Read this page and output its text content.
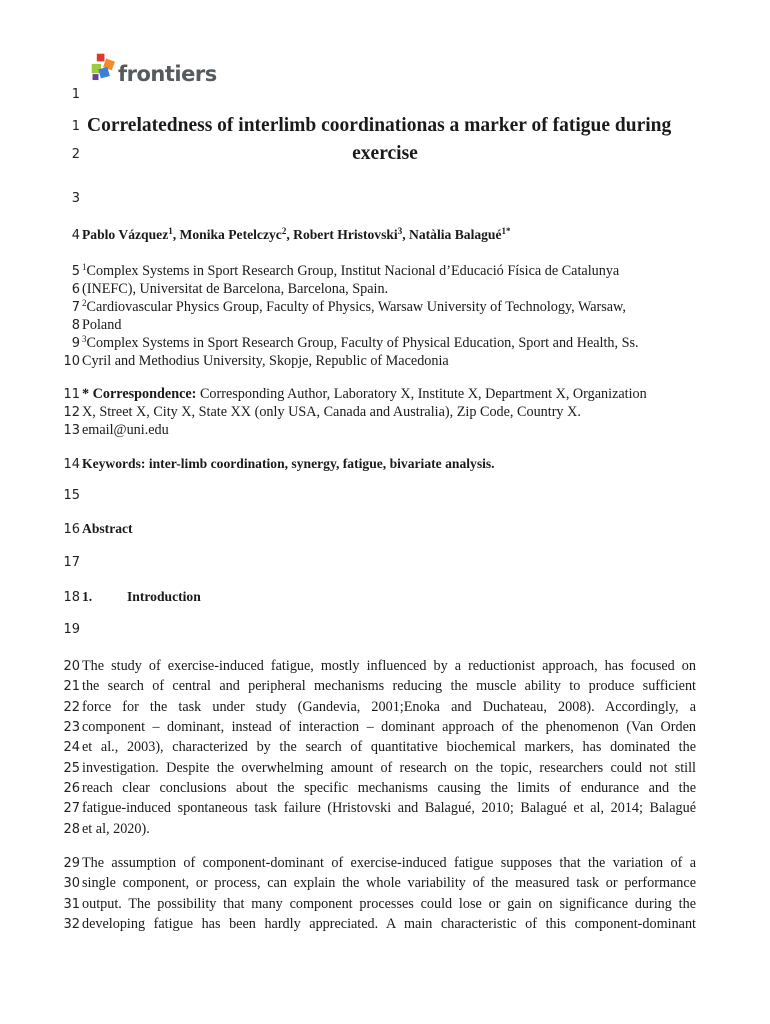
frontiers
1
1
2
3
4
5
6
7
8
9
10
11
12
13
14
15
16
17
18
19
20
21
22
23
24
25
26
27
28
29
30
31
32
Correlatedness of interlimb coordinationas a marker of fatigue during
exercise
Pablo Vázquez$^1$, Monika Petelczyc$^2$, Robert Hristovski$^3$, Natàlia Balagué$^{1*}$
$^1$Complex Systems in Sport Research Group, Institut Nacional d’Educació Física de Catalunya
(INEFC), Universitat de Barcelona, Barcelona, Spain.
$^2$Cardiovascular Physics Group, Faculty of Physics, Warsaw University of Technology, Warsaw,
Poland
$^3$Complex Systems in Sport Research Group, Faculty of Physical Education, Sport and Health, Ss.
Cyril and Methodius University, Skopje, Republic of Macedonia
* Correspondence: Corresponding Author, Laboratory X, Institute X, Department X, Organization
X, Street X, City X, State XX (only USA, Canada and Australia), Zip Code, Country X.
email@uni.edu
Keywords: inter-limb coordination, synergy, fatigue, bivariate analysis.
Abstract
1.	Introduction
The study of exercise-induced fatigue, mostly influenced by a reductionist approach, has focused on
the search of central and peripheral mechanisms reducing the muscle ability to produce sufficient
force for the task under study (Gandevia, 2001;Enoka and Duchateau, 2008). Accordingly, a
component – dominant, instead of interaction – dominant approach of the phenomenon (Van Orden
et al., 2003), characterized by the search of quantitative biochemical markers, has dominated the
investigation. Despite the overwhelming amount of research on the topic, researchers could not still
reach clear conclusions about the specific mechanisms causing the limits of endurance and the
fatigue-induced spontaneous task failure (Hristovski and Balagué, 2010; Balagué et al, 2014; Balagué
et al, 2020).
The assumption of component-dominant of exercise-induced fatigue supposes that the variation of a
single component, or process, can explain the whole variability of the measured task or performance
output. The possibility that many component processes could lose or gain on significance during the
developing fatigue has been hardly appreciated. A main characteristic of this component-dominant
